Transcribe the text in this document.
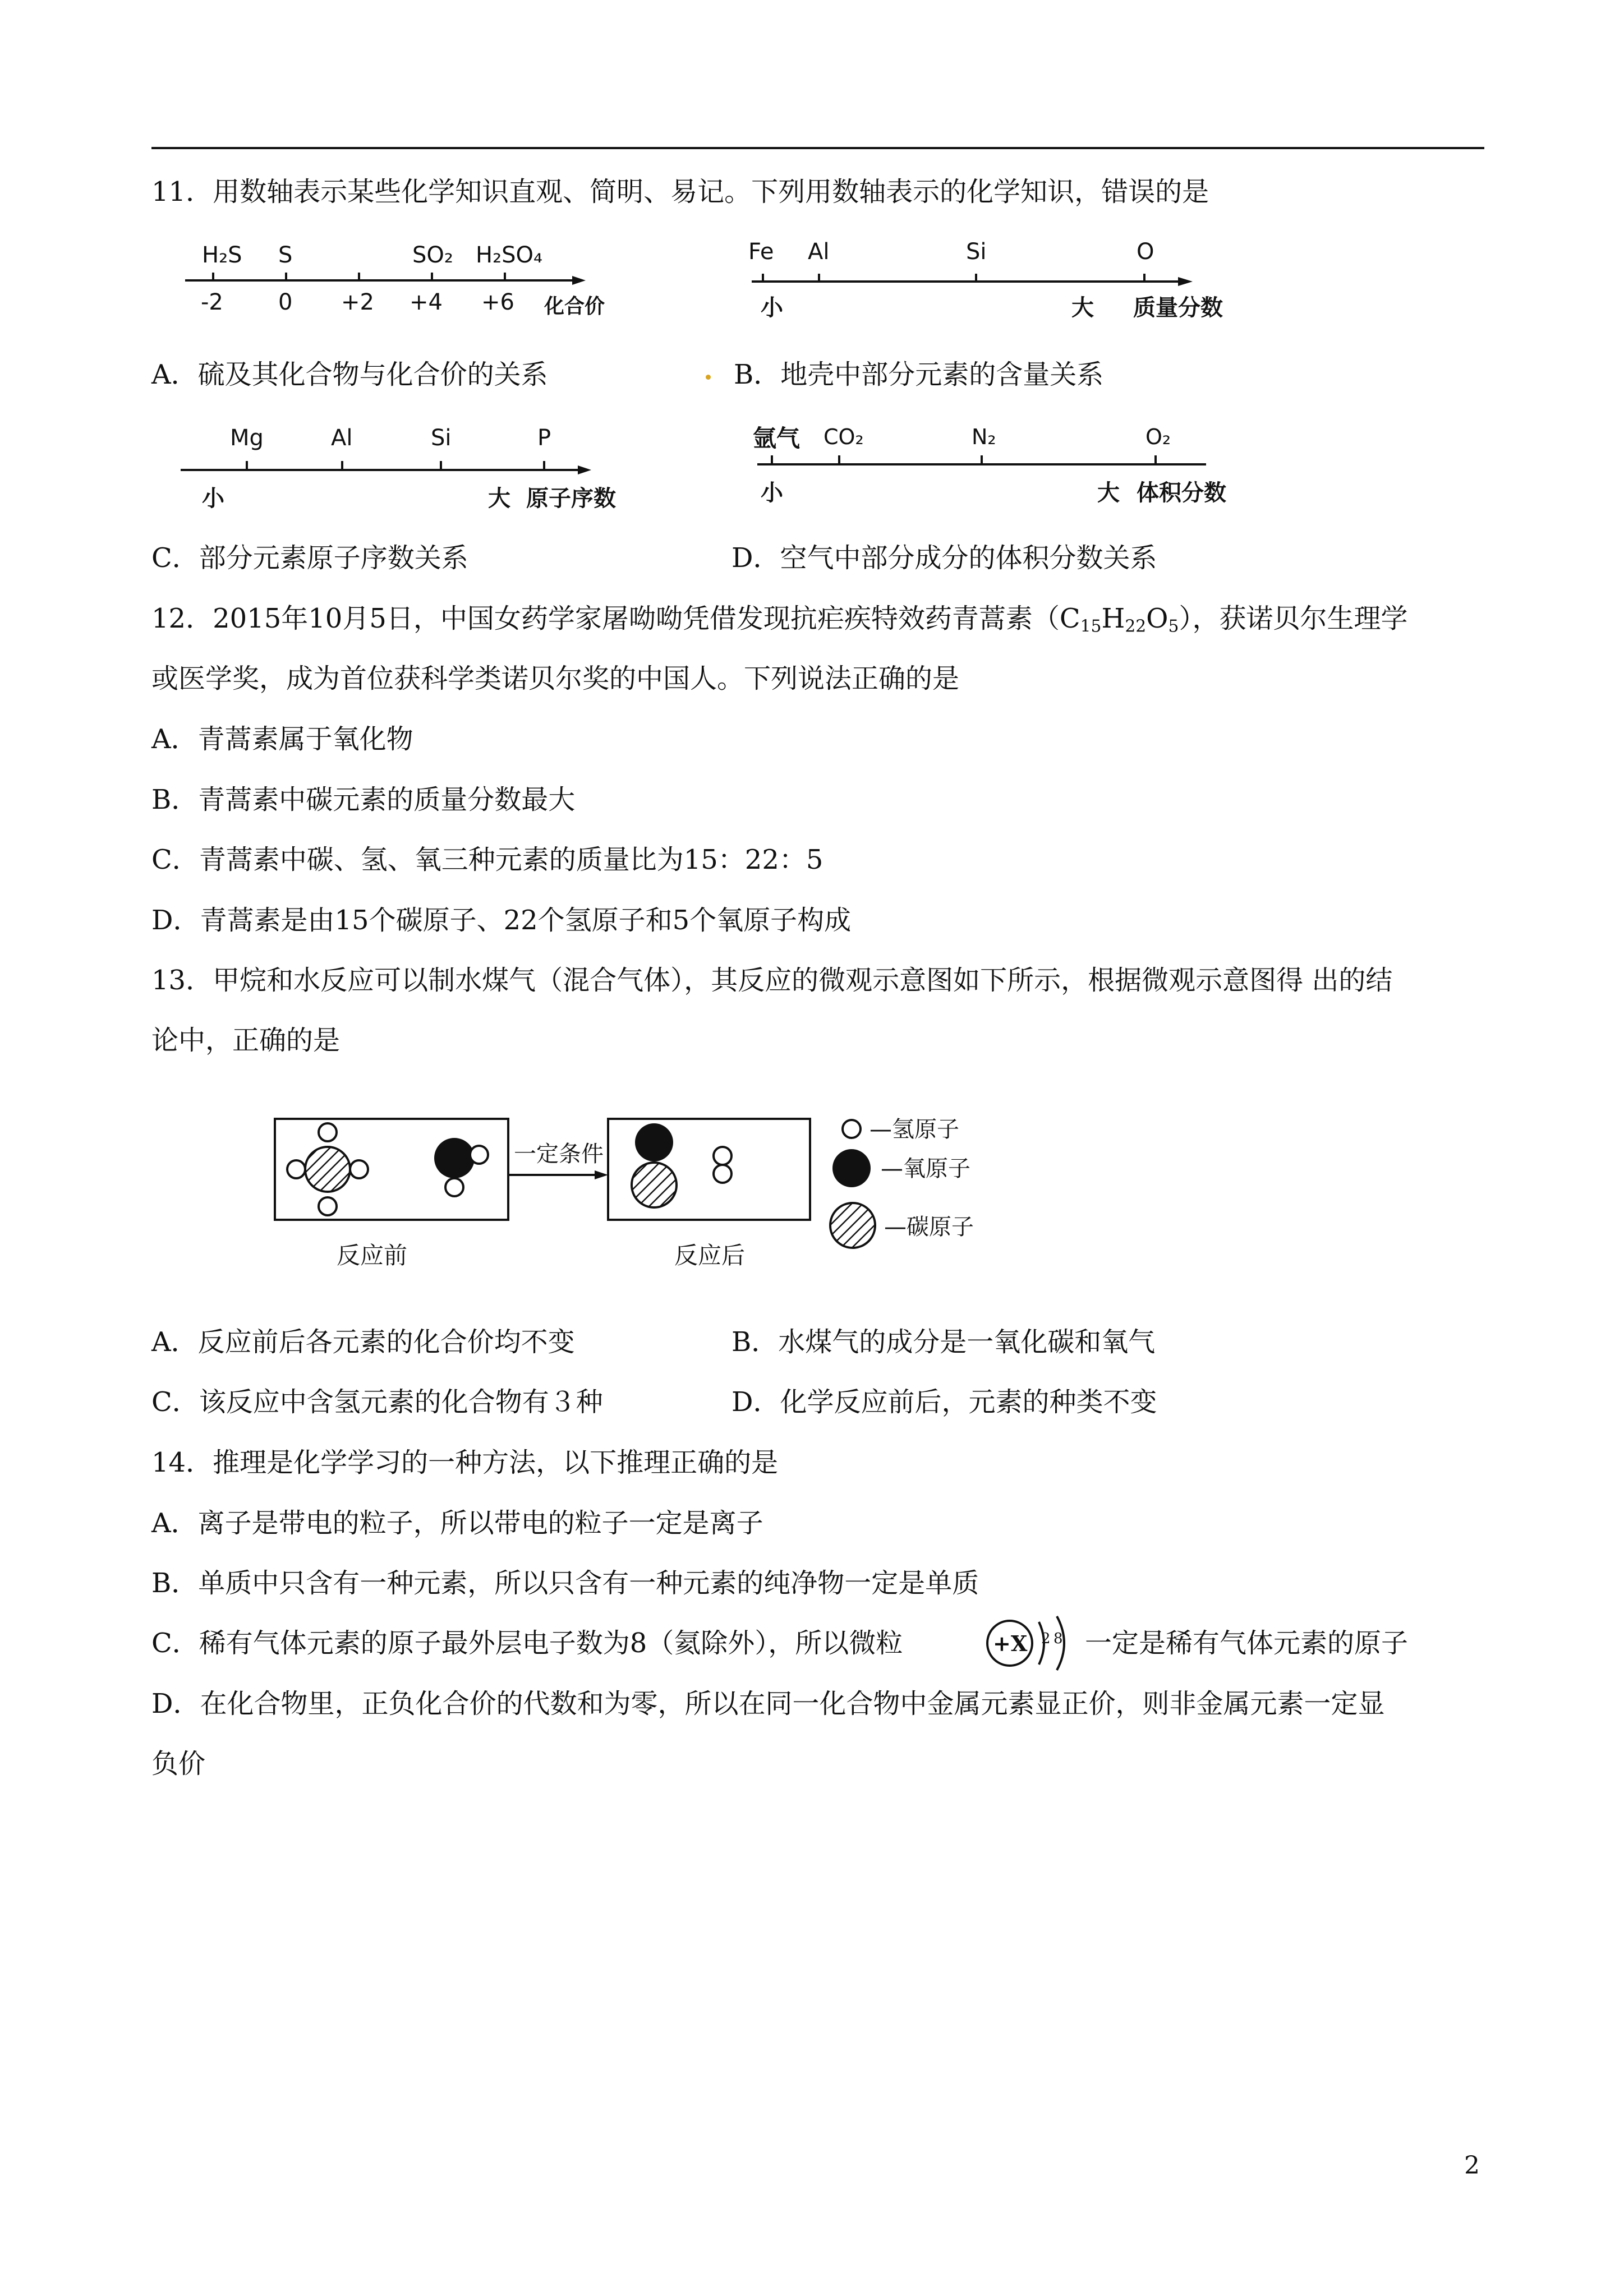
11．用数轴表示某些化学知识直观、简明、易记。下列用数轴表示的化学知识，错误的是
H₂S S	SO₂ H₂SO₄
-2 0 +2 +4 +6 化合价
Fe Al	Si	O
小	大 质量分数
A．硫及其化合物与化合价的关系	B．地壳中部分元素的含量关系
Mg	Al	Si	P
小	大 原子序数
氩气 CO₂	N₂	O₂
小	大 体积分数
C．部分元素原子序数关系	D．空气中部分成分的体积分数关系
12．2015年10月5日，中国女药学家屠呦呦凭借发现抗疟疾特效药青蒿素$(C_{15}H_{22}O_5)$，获诺贝尔生理学
或医学奖，成为首位获科学类诺贝尔奖的中国人。下列说法正确的是
A．青蒿素属于氧化物
B．青蒿素中碳元素的质量分数最大
C．青蒿素中碳、氢、氧三种元素的质量比为15：22：5
D．青蒿素是由15个碳原子、22个氢原子和5个氧原子构成
13．甲烷和水反应可以制水煤气（混合气体），其反应的微观示意图如下所示，根据微观示意图得 出的结
论中，正确的是
一定条件
反应前	反应后
—氢原子
—氧原子
—碳原子
A．反应前后各元素的化合价均不变	B．水煤气的成分是一氧化碳和氧气
C．该反应中含氢元素的化合物有３种	D．化学反应前后，元素的种类不变
14．推理是化学学习的一种方法，以下推理正确的是
A．离子是带电的粒子，所以带电的粒子一定是离子
B．单质中只含有一种元素，所以只含有一种元素的纯净物一定是单质
C．稀有气体元素的原子最外层电子数为8（氦除外），所以微粒	+X 2 8 一定是稀有气体元素的原子
D．在化合物里，正负化合价的代数和为零，所以在同一化合物中金属元素显正价，则非金属元素一定显
负价
2
